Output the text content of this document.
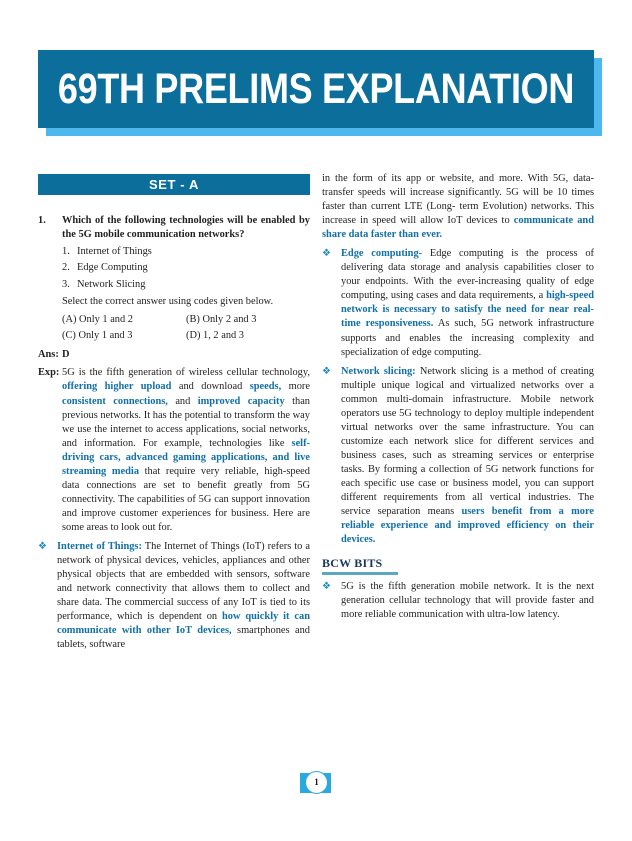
69TH PRELIMS EXPLANATION
SET - A
1.	Which of the following technologies will be enabled by the 5G mobile communication networks?
1. Internet of Things
2. Edge Computing
3. Network Slicing
Select the correct answer using codes given below.
(A) Only 1 and 2	(B) Only 2 and 3
(C) Only 1 and 3	(D) 1, 2 and 3
Ans: D
Exp: 5G is the fifth generation of wireless cellular technology, offering higher upload and download speeds, more consistent connections, and improved capacity than previous networks. It has the potential to transform the way we use the internet to access applications, social networks, and information. For example, technologies like self-driving cars, advanced gaming applications, and live streaming media that require very reliable, high-speed data connections are set to benefit greatly from 5G connectivity. The capabilities of 5G can support innovation and improve customer experiences for business. Here are some areas to look out for.
❖ Internet of Things: The Internet of Things (IoT) refers to a network of physical devices, vehicles, appliances and other physical objects that are embedded with sensors, software and network connectivity that allows them to collect and share data. The commercial success of any IoT is tied to its performance, which is dependent on how quickly it can communicate with other IoT devices, smartphones and tablets, software
in the form of its app or website, and more. With 5G, data-transfer speeds will increase significantly. 5G will be 10 times faster than current LTE (Long- term Evolution) networks. This increase in speed will allow IoT devices to communicate and share data faster than ever.
❖ Edge computing- Edge computing is the process of delivering data storage and analysis capabilities closer to your endpoints. With the ever-increasing quality of edge computing, using cases and data requirements, a high-speed network is necessary to satisfy the need for near real-time responsiveness. As such, 5G network infrastructure supports and enables the increasing complexity and specialization of edge computing.
❖ Network slicing: Network slicing is a method of creating multiple unique logical and virtualized networks over a common multi-domain infrastructure. Mobile network operators use 5G technology to deploy multiple independent virtual networks over the same infrastructure. You can customize each network slice for different services and business cases, such as streaming services or enterprise tasks. By forming a collection of 5G network functions for each specific use case or business model, you can support different requirements from all vertical industries. The service separation means users benefit from a more reliable experience and improved efficiency on their devices.
BCW BITS
❖ 5G is the fifth generation mobile network. It is the next generation cellular technology that will provide faster and more reliable communication with ultra-low latency.
1
